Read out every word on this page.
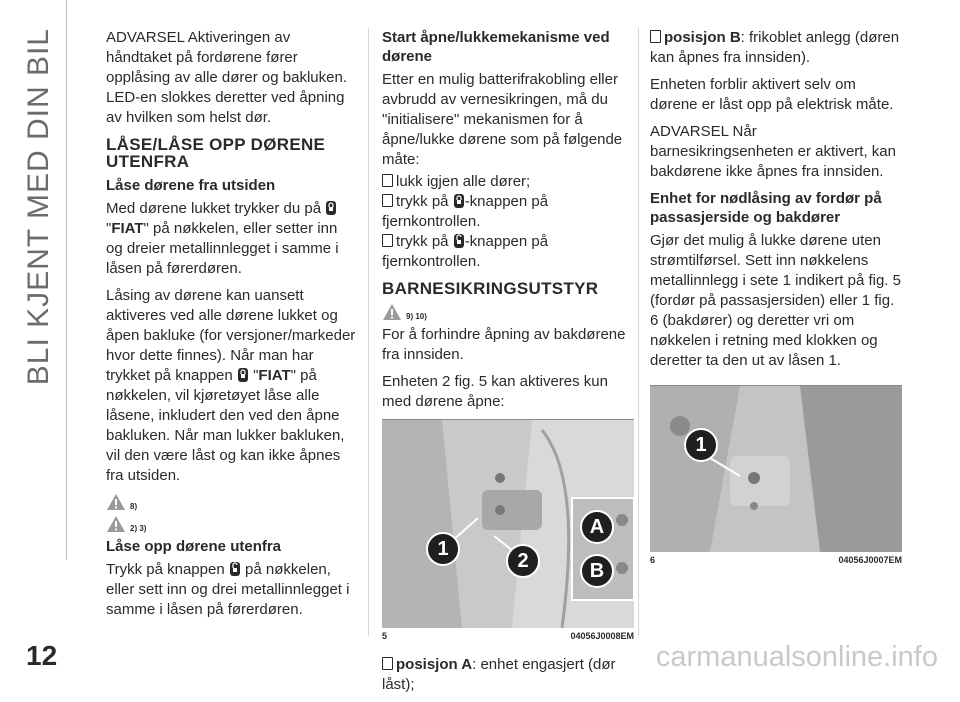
BLI KJENT MED DIN BIL
12	carmanualsonline.info

ADVARSEL Aktiveringen av håndtaket på fordørene fører opplåsing av alle dører og bakluken. LED-en slokkes deretter ved åpning av hvilken som helst dør.

LÅSE/LÅSE OPP DØRENE UTENFRA
Låse dørene fra utsiden

Med dørene lukket trykker du på  "FIAT" på nøkkelen, eller setter inn og dreier metallinnlegget i samme i låsen på førerdøren.

Låsing av dørene kan uansett aktiveres ved alle dørene lukket og åpen bakluke (for versjoner/markeder hvor dette finnes). Når man har trykket på knappen "FIAT" på nøkkelen, vil kjøretøyet låse alle låsene, inkludert den ved den åpne bakluken. Når man lukker bakluken, vil den være låst og kan ikke åpnes fra utsiden.

8)
2) 3)
Låse opp dørene utenfra

Trykk på knappen på nøkkelen, eller sett inn og drei metallinnlegget i samme i låsen på førerdøren.

Start åpne/lukkemekanisme ved dørene

Etter en mulig batterifrakobling eller avbrudd av vernesikringen, må du "initialisere" mekanismen for å åpne/lukke dørene som på følgende måte:

lukk igjen alle dører;

trykk på -knappen på fjernkontrollen.

trykk på -knappen på fjernkontrollen.

BARNESIKRINGSUTSTYR
9) 10)

For å forhindre åpning av bakdørene fra innsiden.

Enheten 2 fig. 5 kan aktiveres kun med dørene åpne:

1
2
A
B
5	04056J0008EM

posisjon A: enhet engasjert (dør låst);

posisjon B: frikoblet anlegg (døren kan åpnes fra innsiden).

Enheten forblir aktivert selv om dørene er låst opp på elektrisk måte.

ADVARSEL Når barnesikringsenheten er aktivert, kan bakdørene ikke åpnes fra innsiden.

Enhet for nødlåsing av fordør på passasjerside og bakdører

Gjør det mulig å lukke dørene uten strømtilførsel. Sett inn nøkkelens metallinnlegg i sete 1 indikert på fig. 5 (fordør på passasjersiden) eller 1 fig. 6 (bakdører) og deretter vri om nøkkelen i retning med klokken og deretter ta den ut av låsen 1.

1
6	04056J0007EM
